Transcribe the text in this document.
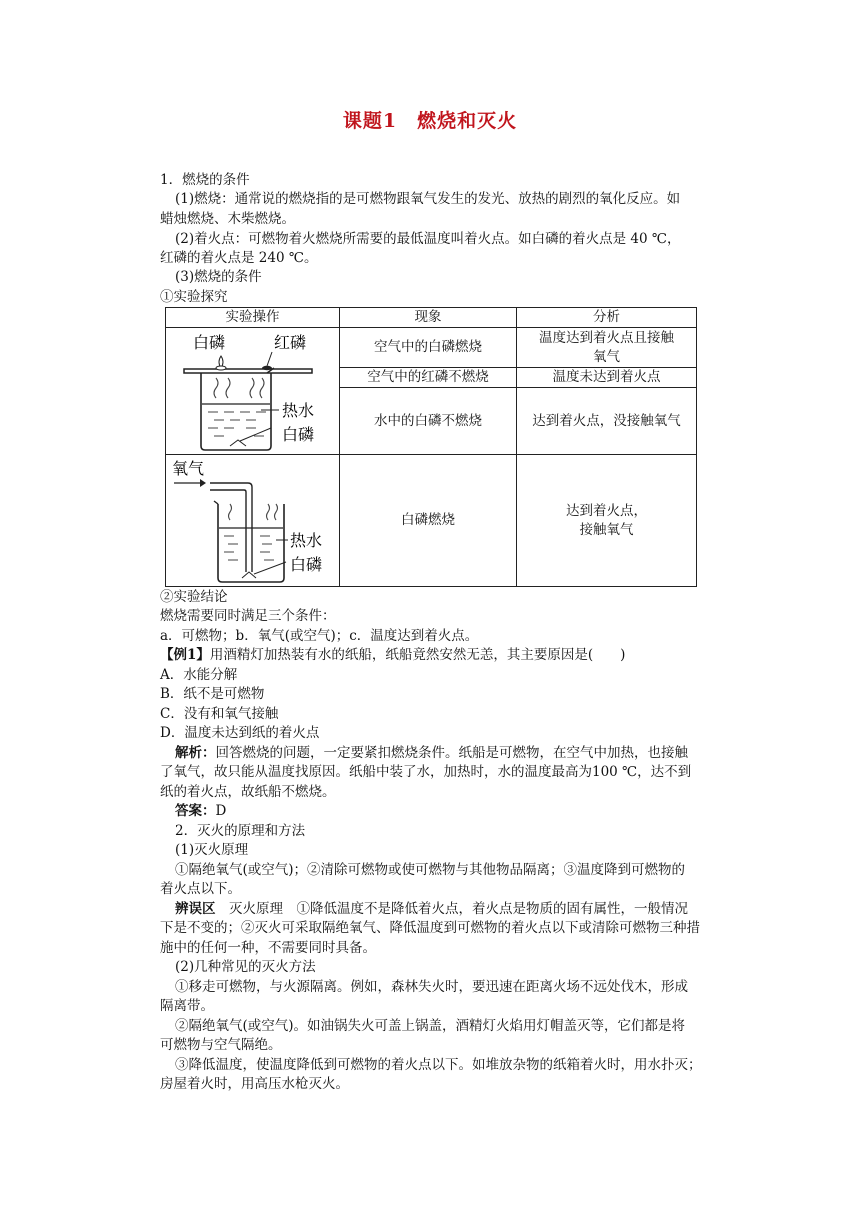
课题1　燃烧和灭火
1．燃烧的条件
(1)燃烧：通常说的燃烧指的是可燃物跟氧气发生的发光、放热的剧烈的氧化反应。如
蜡烛燃烧、木柴燃烧。
(2)着火点：可燃物着火燃烧所需要的最低温度叫着火点。如白磷的着火点是 40 ℃，
红磷的着火点是 240 ℃。
(3)燃烧的条件
①实验探究
实验操作	现象	分析

白磷 红磷
热水
白磷	空气中的白磷燃烧	温度达到着火点且接触
氧气
	空气中的红磷不燃烧	温度未达到着火点
	水中的白磷不燃烧	达到着火点，没接触氧气

氧气
热水
白磷	白磷燃烧	达到着火点，
接触氧气
②实验结论
燃烧需要同时满足三个条件：
a．可燃物；b．氧气(或空气)；c．温度达到着火点。
【例1】用酒精灯加热装有水的纸船，纸船竟然安然无恙，其主要原因是(　　)
A．水能分解
B．纸不是可燃物
C．没有和氧气接触
D．温度未达到纸的着火点
解析：回答燃烧的问题，一定要紧扣燃烧条件。纸船是可燃物，在空气中加热，也接触
了氧气，故只能从温度找原因。纸船中装了水，加热时，水的温度最高为100 ℃，达不到
纸的着火点，故纸船不燃烧。
答案：D
2．灭火的原理和方法
(1)灭火原理
①隔绝氧气(或空气)；②清除可燃物或使可燃物与其他物品隔离；③温度降到可燃物的
着火点以下。
辨误区　灭火原理　①降低温度不是降低着火点，着火点是物质的固有属性，一般情况
下是不变的；②灭火可采取隔绝氧气、降低温度到可燃物的着火点以下或清除可燃物三种措
施中的任何一种，不需要同时具备。
(2)几种常见的灭火方法
①移走可燃物，与火源隔离。例如，森林失火时，要迅速在距离火场不远处伐木，形成
隔离带。
②隔绝氧气(或空气)。如油锅失火可盖上锅盖，酒精灯火焰用灯帽盖灭等，它们都是将
可燃物与空气隔绝。
③降低温度，使温度降低到可燃物的着火点以下。如堆放杂物的纸箱着火时，用水扑灭；
房屋着火时，用高压水枪灭火。
